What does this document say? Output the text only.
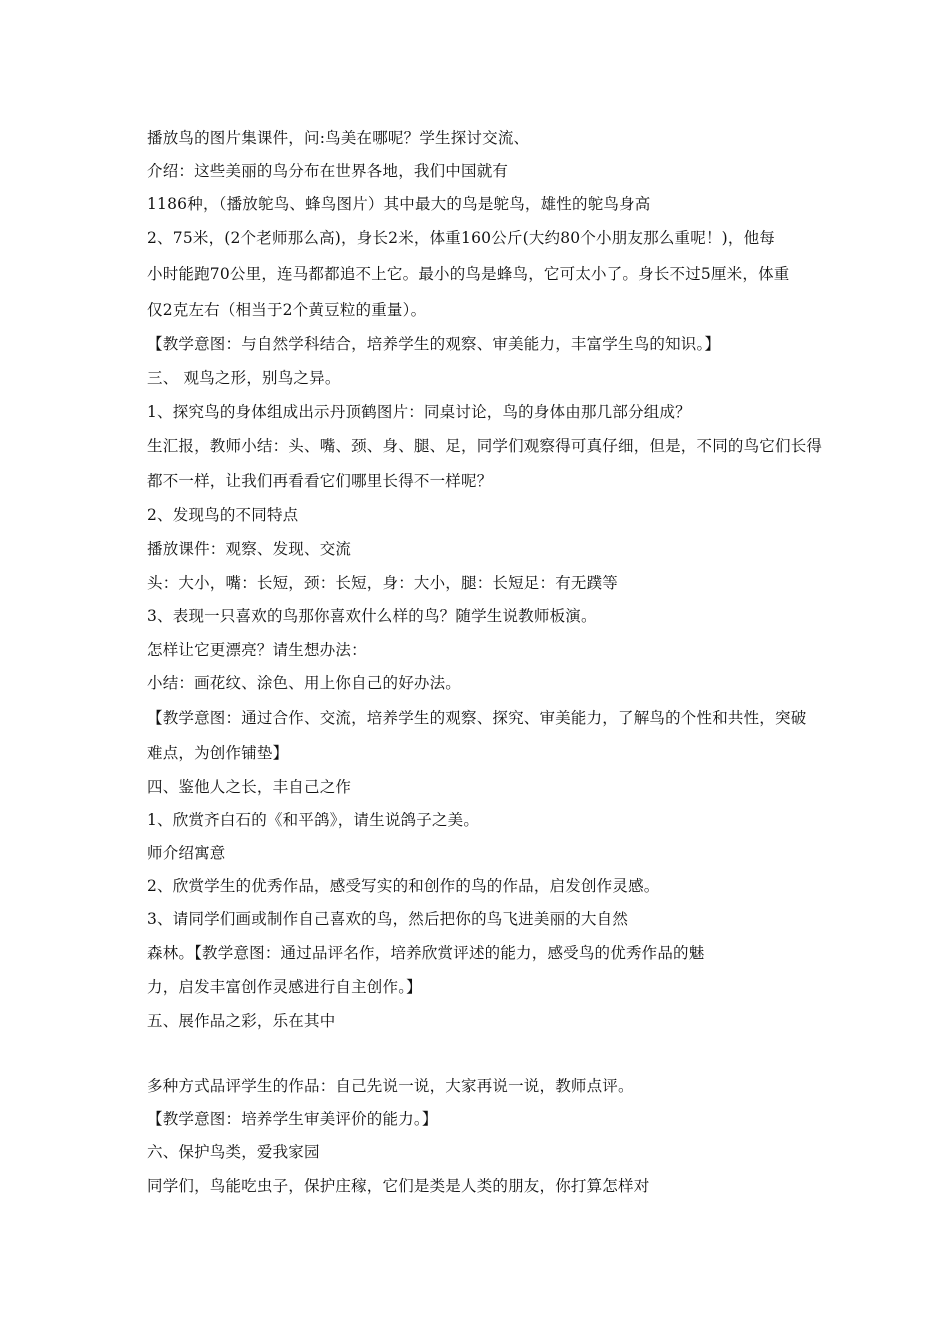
播放鸟的图片集课件，问:鸟美在哪呢？学生探讨交流、
介绍：这些美丽的鸟分布在世界各地，我们中国就有
1186种，（播放鸵鸟、蜂鸟图片）其中最大的鸟是鸵鸟，雄性的鸵鸟身高
2、75米，(2个老师那么高)，身长2米，体重160公斤(大约80个小朋友那么重呢！)，他每
小时能跑70公里，连马都都追不上它。最小的鸟是蜂鸟，它可太小了。身长不过5厘米，体重
仅2克左右（相当于2个黄豆粒的重量）。
【教学意图：与自然学科结合，培养学生的观察、审美能力，丰富学生鸟的知识。】
三、 观鸟之形，别鸟之异。
1、探究鸟的身体组成出示丹顶鹤图片：同桌讨论，鸟的身体由那几部分组成？
生汇报，教师小结：头、嘴、颈、身、腿、足，同学们观察得可真仔细，但是，不同的鸟它们长得
都不一样，让我们再看看它们哪里长得不一样呢？
2、发现鸟的不同特点
播放课件：观察、发现、交流
头：大小，嘴：长短，颈：长短，身：大小，腿：长短足：有无蹼等
3、表现一只喜欢的鸟那你喜欢什么样的鸟？随学生说教师板演。
怎样让它更漂亮？请生想办法：
小结：画花纹、涂色、用上你自己的好办法。
【教学意图：通过合作、交流，培养学生的观察、探究、审美能力，了解鸟的个性和共性，突破
难点，为创作铺垫】
四、鉴他人之长，丰自己之作
1、欣赏齐白石的《和平鸽》，请生说鸽子之美。
师介绍寓意
2、欣赏学生的优秀作品，感受写实的和创作的鸟的作品，启发创作灵感。
3、请同学们画或制作自己喜欢的鸟，然后把你的鸟飞进美丽的大自然
森林。【教学意图：通过品评名作，培养欣赏评述的能力，感受鸟的优秀作品的魅
力，启发丰富创作灵感进行自主创作。】
五、展作品之彩，乐在其中
多种方式品评学生的作品：自己先说一说，大家再说一说，教师点评。
【教学意图：培养学生审美评价的能力。】
六、保护鸟类，爱我家园
同学们，鸟能吃虫子，保护庄稼，它们是类是人类的朋友，你打算怎样对
